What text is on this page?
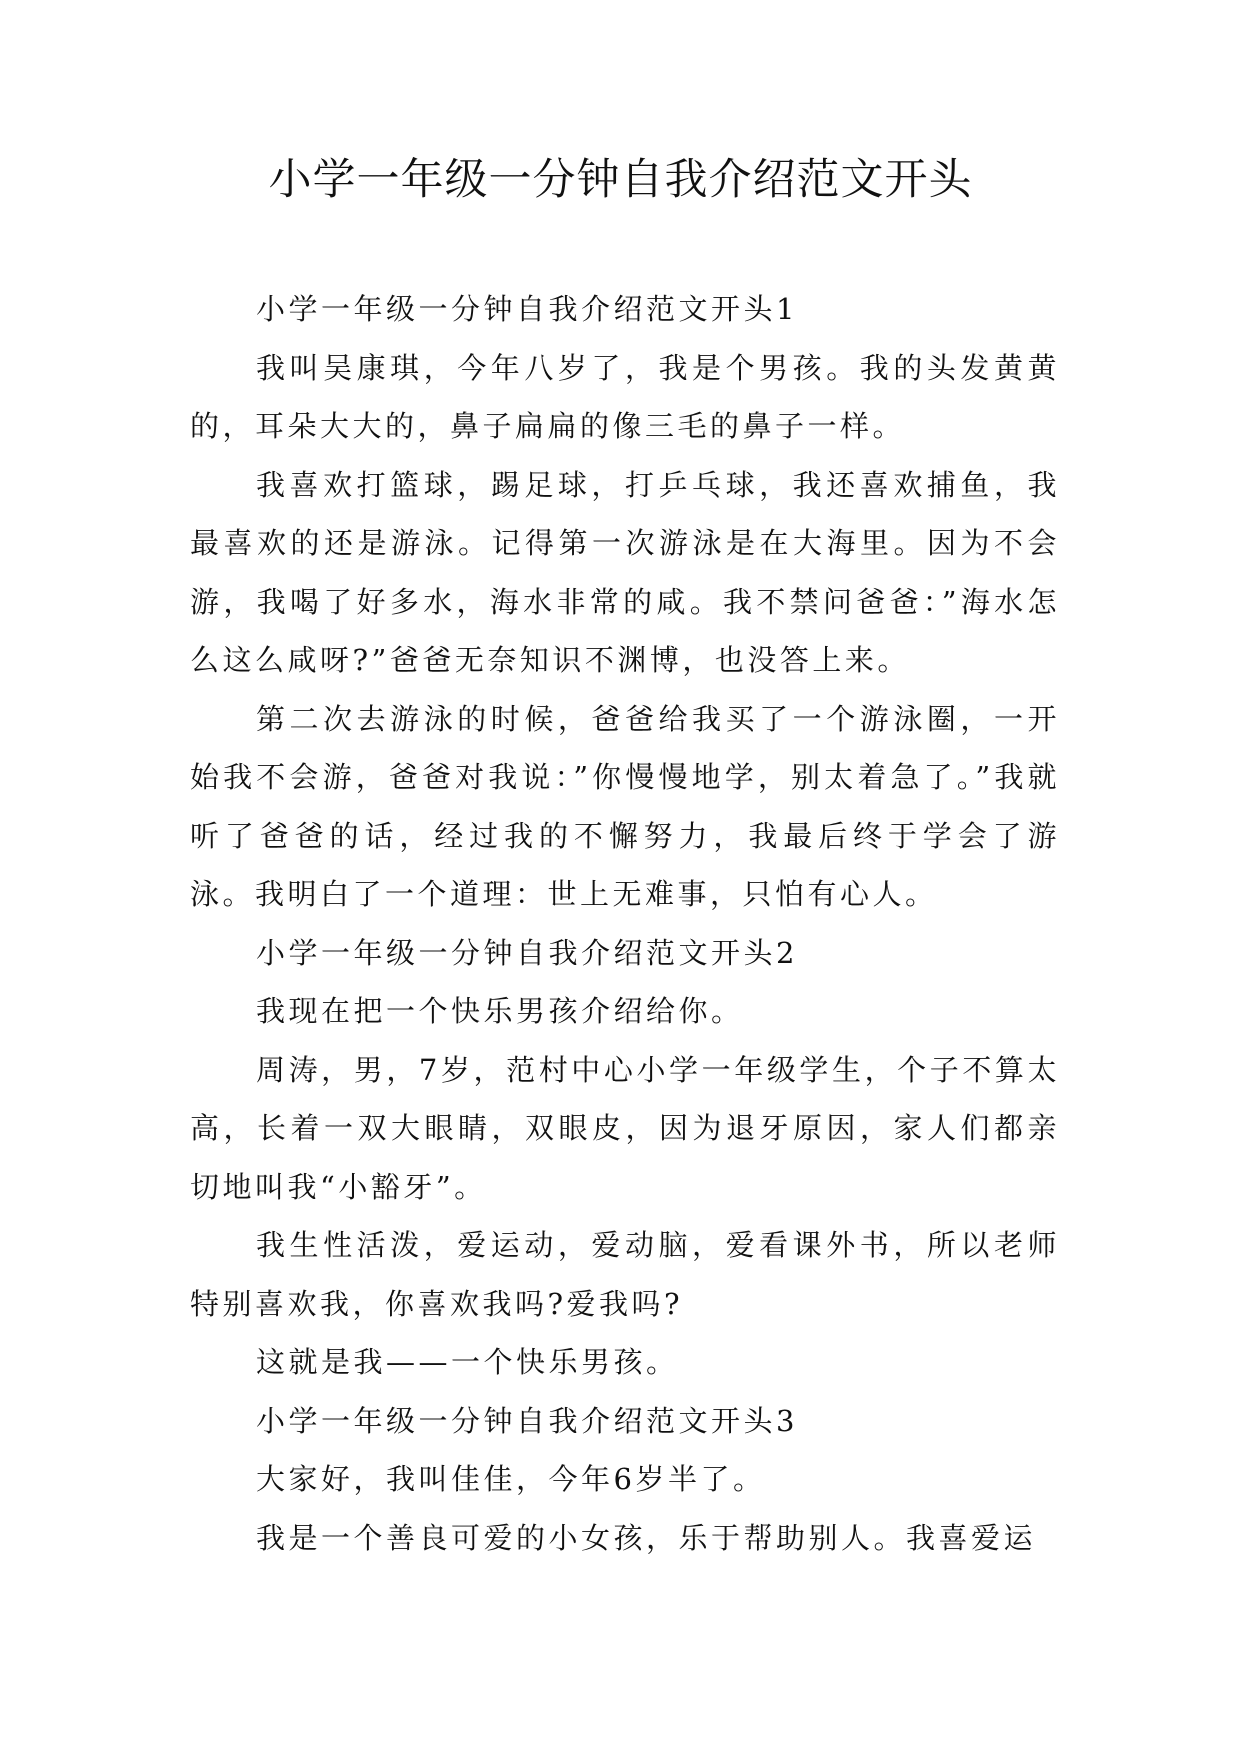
小学一年级一分钟自我介绍范文开头

小学一年级一分钟自我介绍范文开头1

我叫吴康琪，今年八岁了，我是个男孩。我的头发黄黄的，耳朵大大的，鼻子扁扁的像三毛的鼻子一样。

我喜欢打篮球，踢足球，打乒乓球，我还喜欢捕鱼，我最喜欢的还是游泳。记得第一次游泳是在大海里。因为不会游，我喝了好多水，海水非常的咸。我不禁问爸爸：”海水怎么这么咸呀?”爸爸无奈知识不渊博，也没答上来。

第二次去游泳的时候，爸爸给我买了一个游泳圈，一开始我不会游，爸爸对我说：”你慢慢地学，别太着急了。”我就听了爸爸的话，经过我的不懈努力，我最后终于学会了游泳。我明白了一个道理：世上无难事，只怕有心人。

小学一年级一分钟自我介绍范文开头2

我现在把一个快乐男孩介绍给你。

周涛，男，7岁，范村中心小学一年级学生，个子不算太高，长着一双大眼睛，双眼皮，因为退牙原因，家人们都亲切地叫我“小豁牙”。

我生性活泼，爱运动，爱动脑，爱看课外书，所以老师特别喜欢我，你喜欢我吗?爱我吗?

这就是我——一个快乐男孩。

小学一年级一分钟自我介绍范文开头3

大家好，我叫佳佳，今年6岁半了。

我是一个善良可爱的小女孩，乐于帮助别人。我喜爱运
